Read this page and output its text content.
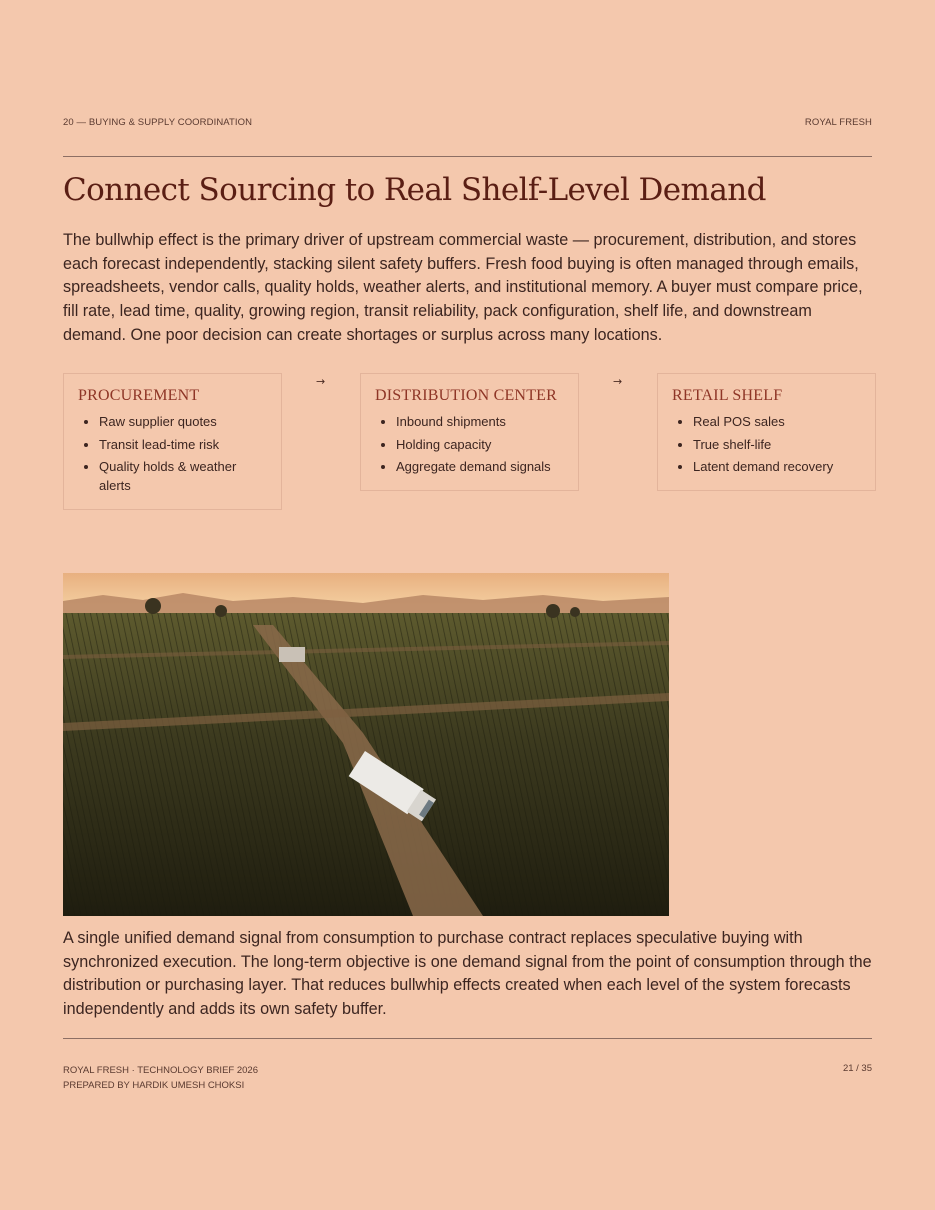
20 — BUYING & SUPPLY COORDINATION	ROYAL FRESH
Connect Sourcing to Real Shelf-Level Demand

The bullwhip effect is the primary driver of upstream commercial waste — procurement, distribution, and stores each forecast independently, stacking silent safety buffers. Fresh food buying is often managed through emails, spreadsheets, vendor calls, quality holds, weather alerts, and institutional memory. A buyer must compare price, fill rate, lead time, quality, growing region, transit reliability, pack configuration, shelf life, and downstream demand. One poor decision can create shortages or surplus across many locations.

PROCUREMENT
• Raw supplier quotes
• Transit lead-time risk
• Quality holds & weather alerts
→
DISTRIBUTION CENTER
• Inbound shipments
• Holding capacity
• Aggregate demand signals
→
RETAIL SHELF
• Real POS sales
• True shelf-life
• Latent demand recovery

A single unified demand signal from consumption to purchase contract replaces speculative buying with synchronized execution. The long-term objective is one demand signal from the point of consumption through the distribution or purchasing layer. That reduces bullwhip effects created when each level of the system forecasts independently and adds its own safety buffer.

ROYAL FRESH · TECHNOLOGY BRIEF 2026
PREPARED BY HARDIK UMESH CHOKSI
21 / 35
